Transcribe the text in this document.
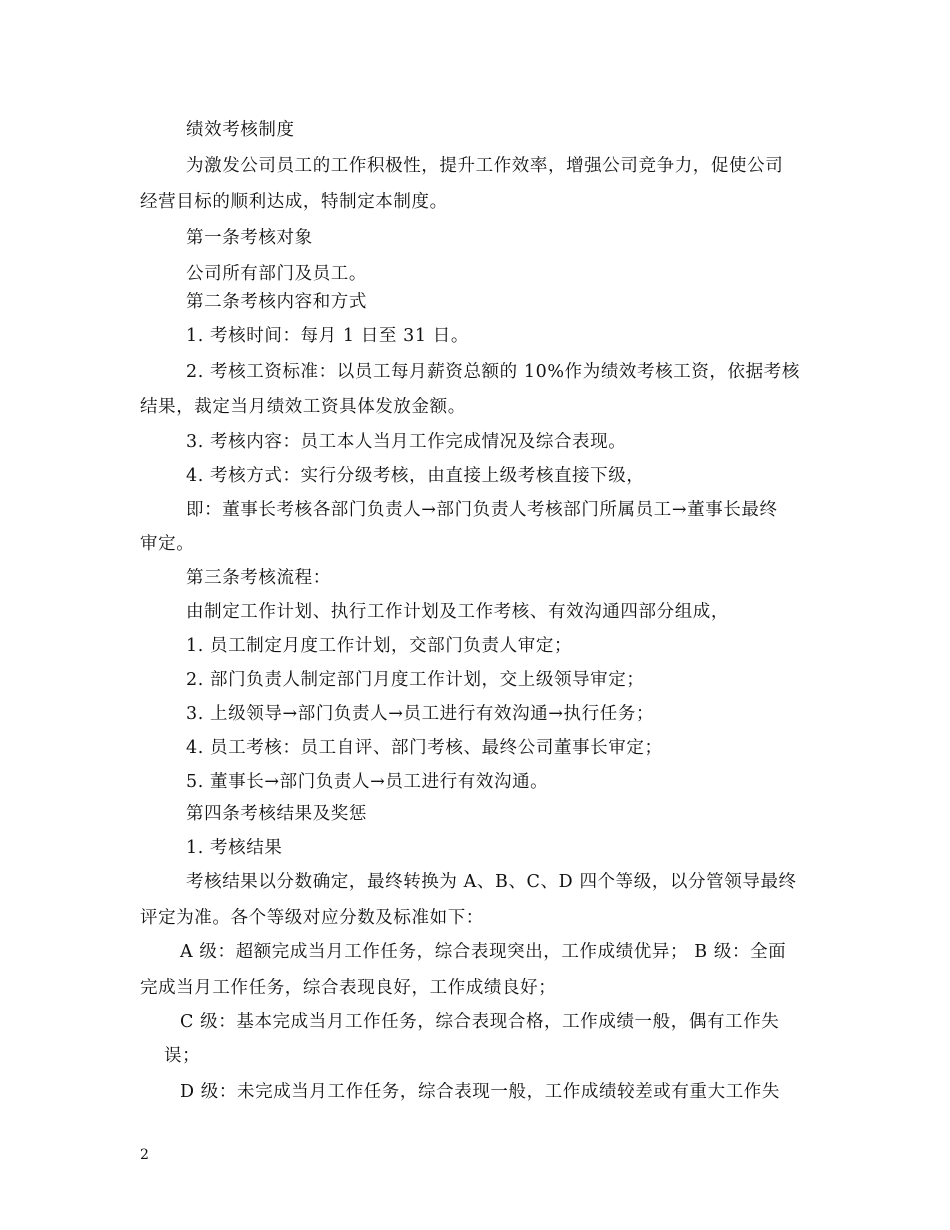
绩效考核制度
为激发公司员工的工作积极性，提升工作效率，增强公司竞争力，促使公司
经营目标的顺利达成，特制定本制度。
第一条考核对象
公司所有部门及员工。
第二条考核内容和方式
1. 考核时间：每月 1 日至 31 日。
2. 考核工资标准：以员工每月薪资总额的 10%作为绩效考核工资，依据考核
结果，裁定当月绩效工资具体发放金额。
3. 考核内容：员工本人当月工作完成情况及综合表现。
4. 考核方式：实行分级考核，由直接上级考核直接下级，
即：董事长考核各部门负责人→部门负责人考核部门所属员工→董事长最终
审定。
第三条考核流程：
由制定工作计划、执行工作计划及工作考核、有效沟通四部分组成，
1. 员工制定月度工作计划，交部门负责人审定；
2. 部门负责人制定部门月度工作计划，交上级领导审定；
3. 上级领导→部门负责人→员工进行有效沟通→执行任务；
4. 员工考核：员工自评、部门考核、最终公司董事长审定；
5. 董事长→部门负责人→员工进行有效沟通。
第四条考核结果及奖惩
1. 考核结果
考核结果以分数确定，最终转换为 A、B、C、D 四个等级，以分管领导最终
评定为准。各个等级对应分数及标准如下：
A 级：超额完成当月工作任务，综合表现突出，工作成绩优异； B 级：全面
完成当月工作任务，综合表现良好，工作成绩良好；
C 级：基本完成当月工作任务，综合表现合格，工作成绩一般，偶有工作失
误；
D 级：未完成当月工作任务，综合表现一般，工作成绩较差或有重大工作失
2
